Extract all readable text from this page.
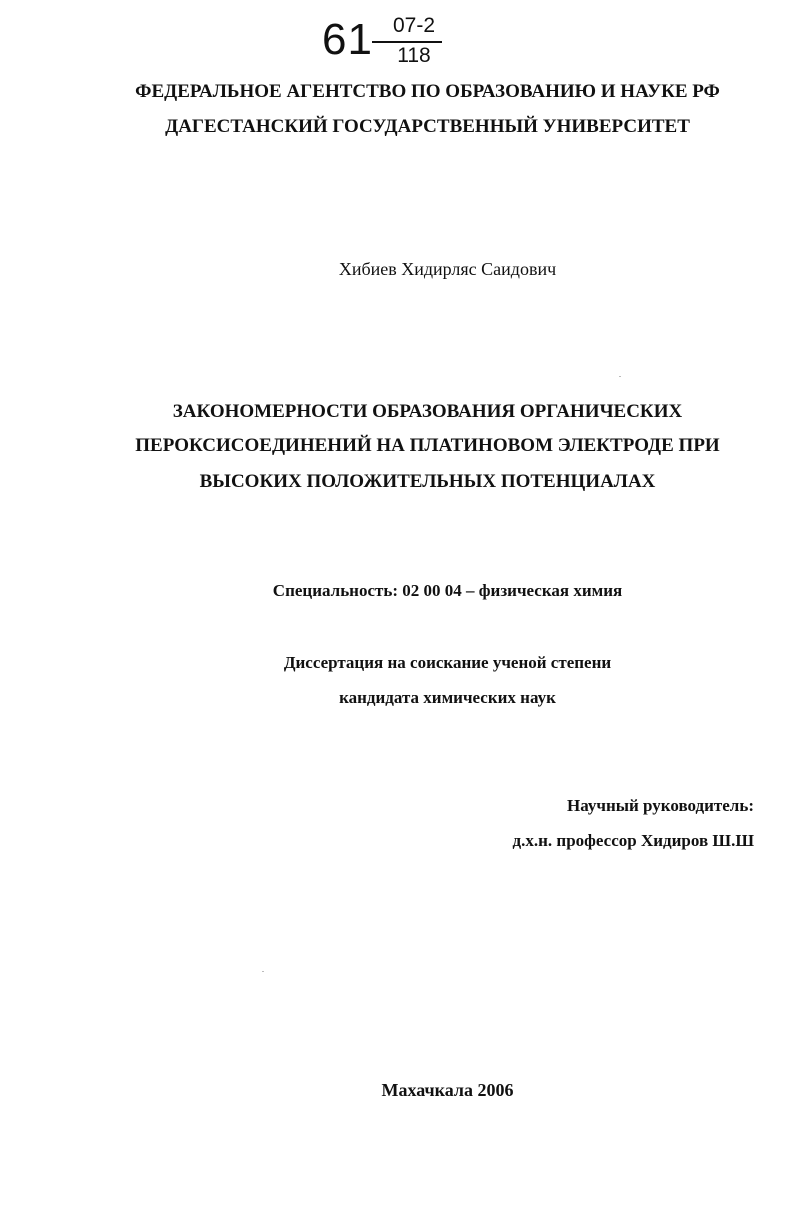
61 07-2
118
ФЕДЕРАЛЬНОЕ АГЕНТСТВО ПО ОБРАЗОВАНИЮ И НАУКЕ РФ
ДАГЕСТАНСКИЙ ГОСУДАРСТВЕННЫЙ УНИВЕРСИТЕТ
Хибиев Хидирляс Саидович
ЗАКОНОМЕРНОСТИ ОБРАЗОВАНИЯ ОРГАНИЧЕСКИХ
ПЕРОКСИСОЕДИНЕНИЙ НА ПЛАТИНОВОМ ЭЛЕКТРОДЕ ПРИ
ВЫСОКИХ ПОЛОЖИТЕЛЬНЫХ ПОТЕНЦИАЛАХ
Специальность: 02 00 04 – физическая химия
Диссертация на соискание ученой степени
кандидата химических наук
Научный руководитель:
д.х.н. профессор Хидиров Ш.Ш
Махачкала 2006
